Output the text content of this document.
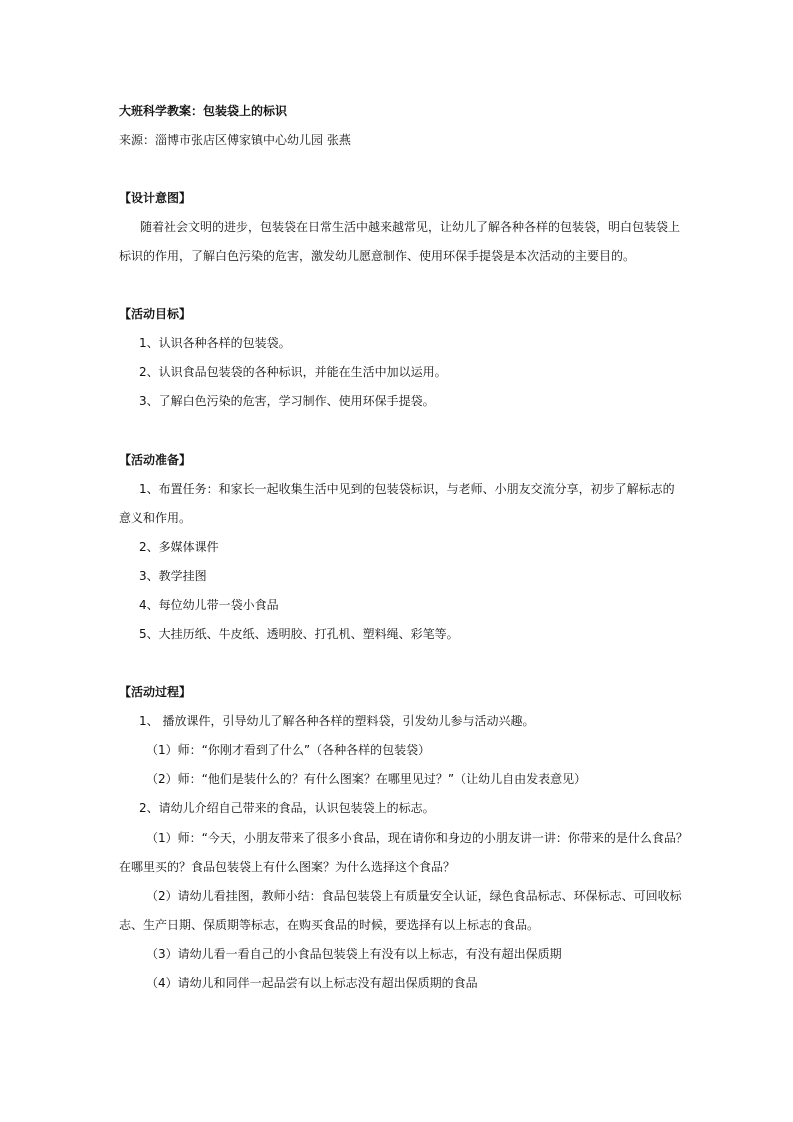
大班科学教案：包装袋上的标识
来源：淄博市张店区傅家镇中心幼儿园 张燕
【设计意图】
随着社会文明的进步，包装袋在日常生活中越来越常见，让幼儿了解各种各样的包装袋，明白包装袋上
标识的作用，了解白色污染的危害，激发幼儿愿意制作、使用环保手提袋是本次活动的主要目的。
【活动目标】
1、认识各种各样的包装袋。
2、认识食品包装袋的各种标识，并能在生活中加以运用。
3、了解白色污染的危害，学习制作、使用环保手提袋。
【活动准备】
1、布置任务：和家长一起收集生活中见到的包装袋标识，与老师、小朋友交流分享，初步了解标志的
意义和作用。
2、多媒体课件
3、教学挂图
4、每位幼儿带一袋小食品
5、大挂历纸、牛皮纸、透明胶、打孔机、塑料绳、彩笔等。
【活动过程】
1、 播放课件，引导幼儿了解各种各样的塑料袋，引发幼儿参与活动兴趣。
（1）师：“你刚才看到了什么”（各种各样的包装袋）
（2）师：“他们是装什么的？有什么图案？在哪里见过？”（让幼儿自由发表意见）
2、请幼儿介绍自己带来的食品，认识包装袋上的标志。
（1）师：“今天，小朋友带来了很多小食品，现在请你和身边的小朋友讲一讲：你带来的是什么食品？
在哪里买的？食品包装袋上有什么图案？为什么选择这个食品？
（2）请幼儿看挂图，教师小结：食品包装袋上有质量安全认证，绿色食品标志、环保标志、可回收标
志、生产日期、保质期等标志，在购买食品的时候，要选择有以上标志的食品。
（3）请幼儿看一看自己的小食品包装袋上有没有以上标志，有没有超出保质期
（4）请幼儿和同伴一起品尝有以上标志没有超出保质期的食品
